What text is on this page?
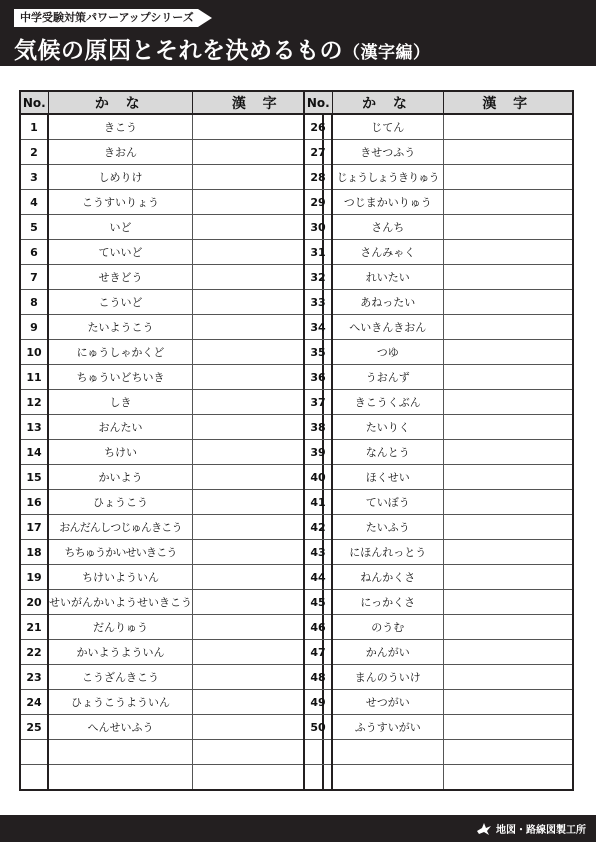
中学受験対策パワーアップシリーズ
気候の原因とそれを決めるもの（漢字編）
No.	か な	漢 字
1	きこう	
2	きおん	
3	しめりけ	
4	こうすいりょう	
5	いど	
6	ていいど	
7	せきどう	
8	こういど	
9	たいようこう	
10	にゅうしゃかくど	
11	ちゅういどちいき	
12	しき	
13	おんたい	
14	ちけい	
15	かいよう	
16	ひょうこう	
17	おんだんしつじゅんきこう	
18	ちちゅうかいせいきこう	
19	ちけいよういん	
20	せいがんかいようせいきこう	
21	だんりゅう	
22	かいようよういん	
23	こうざんきこう	
24	ひょうこうよういん	
25	へんせいふう	

No.	か な	漢 字
26	じてん	
27	きせつふう	
28	じょうしょうきりゅう	
29	つじまかいりゅう	
30	さんち	
31	さんみゃく	
32	れいたい	
33	あねったい	
34	へいきんきおん	
35	つゆ	
36	うおんず	
37	きこうくぶん	
38	たいりく	
39	なんとう	
40	ほくせい	
41	ていぼう	
42	たいふう	
43	にほんれっとう	
44	ねんかくさ	
45	にっかくさ	
46	のうむ	
47	かんがい	
48	まんのういけ	
49	せつがい	
50	ふうすいがい	

地図・路線図製工所
